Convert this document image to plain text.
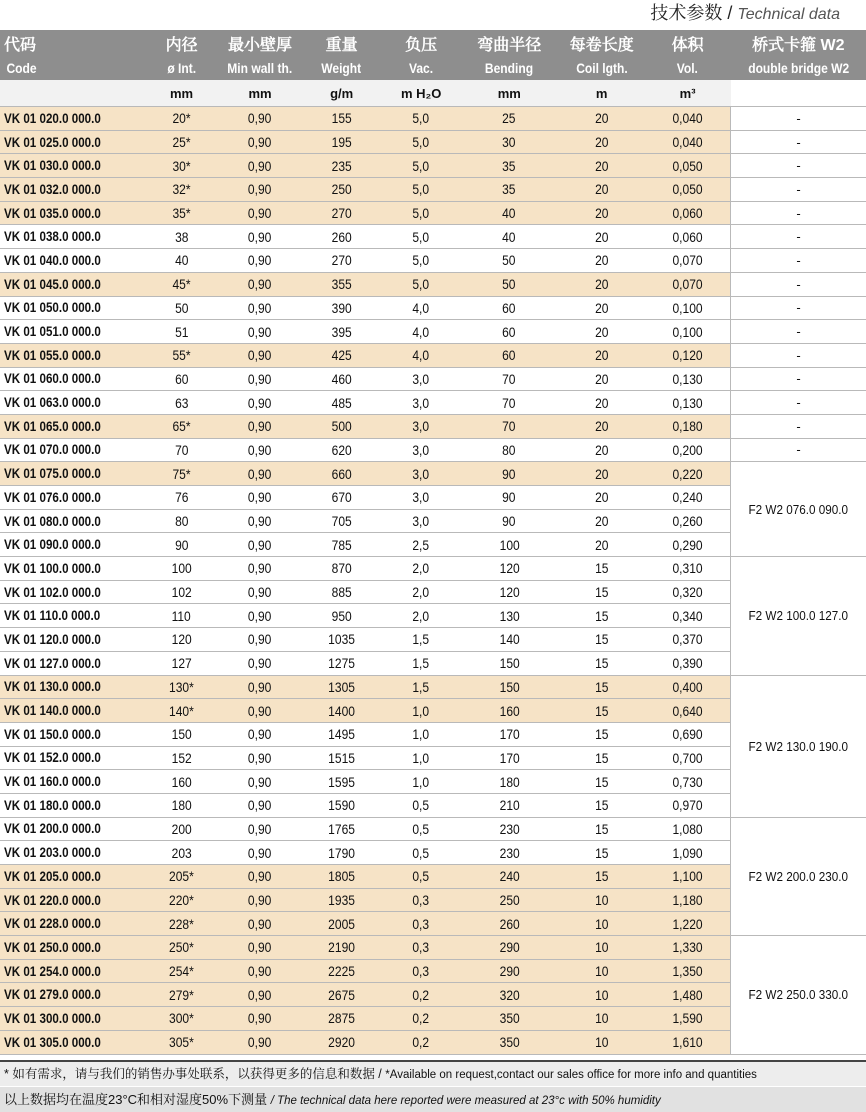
技术参数 / Technical data
代码	内径	最小壁厚	重量	负压	弯曲半径	每卷长度	体积	桥式卡箍 W2
Code	ø Int.	Min wall th.	Weight	Vac.	Bending	Coil lgth.	Vol.	double bridge W2
	mm	mm	g/m	m H₂O	mm	m	m³	
VK 01 020.0 000.0	20*	0,90	155	5,0	25	20	0,040	-
VK 01 025.0 000.0	25*	0,90	195	5,0	30	20	0,040	-
VK 01 030.0 000.0	30*	0,90	235	5,0	35	20	0,050	-
VK 01 032.0 000.0	32*	0,90	250	5,0	35	20	0,050	-
VK 01 035.0 000.0	35*	0,90	270	5,0	40	20	0,060	-
VK 01 038.0 000.0	38	0,90	260	5,0	40	20	0,060	-
VK 01 040.0 000.0	40	0,90	270	5,0	50	20	0,070	-
VK 01 045.0 000.0	45*	0,90	355	5,0	50	20	0,070	-
VK 01 050.0 000.0	50	0,90	390	4,0	60	20	0,100	-
VK 01 051.0 000.0	51	0,90	395	4,0	60	20	0,100	-
VK 01 055.0 000.0	55*	0,90	425	4,0	60	20	0,120	-
VK 01 060.0 000.0	60	0,90	460	3,0	70	20	0,130	-
VK 01 063.0 000.0	63	0,90	485	3,0	70	20	0,130	-
VK 01 065.0 000.0	65*	0,90	500	3,0	70	20	0,180	-
VK 01 070.0 000.0	70	0,90	620	3,0	80	20	0,200	-
VK 01 075.0 000.0	75*	0,90	660	3,0	90	20	0,220	F2 W2 076.0 090.0
VK 01 076.0 000.0	76	0,90	670	3,0	90	20	0,240	
VK 01 080.0 000.0	80	0,90	705	3,0	90	20	0,260	
VK 01 090.0 000.0	90	0,90	785	2,5	100	20	0,290	
VK 01 100.0 000.0	100	0,90	870	2,0	120	15	0,310	F2 W2 100.0 127.0
VK 01 102.0 000.0	102	0,90	885	2,0	120	15	0,320	
VK 01 110.0 000.0	110	0,90	950	2,0	130	15	0,340	
VK 01 120.0 000.0	120	0,90	1035	1,5	140	15	0,370	
VK 01 127.0 000.0	127	0,90	1275	1,5	150	15	0,390	
VK 01 130.0 000.0	130*	0,90	1305	1,5	150	15	0,400	F2 W2 130.0 190.0
VK 01 140.0 000.0	140*	0,90	1400	1,0	160	15	0,640	
VK 01 150.0 000.0	150	0,90	1495	1,0	170	15	0,690	
VK 01 152.0 000.0	152	0,90	1515	1,0	170	15	0,700	
VK 01 160.0 000.0	160	0,90	1595	1,0	180	15	0,730	
VK 01 180.0 000.0	180	0,90	1590	0,5	210	15	0,970	
VK 01 200.0 000.0	200	0,90	1765	0,5	230	15	1,080	F2 W2 200.0 230.0
VK 01 203.0 000.0	203	0,90	1790	0,5	230	15	1,090	
VK 01 205.0 000.0	205*	0,90	1805	0,5	240	15	1,100	
VK 01 220.0 000.0	220*	0,90	1935	0,3	250	10	1,180	
VK 01 228.0 000.0	228*	0,90	2005	0,3	260	10	1,220	
VK 01 250.0 000.0	250*	0,90	2190	0,3	290	10	1,330	F2 W2 250.0 330.0
VK 01 254.0 000.0	254*	0,90	2225	0,3	290	10	1,350	
VK 01 279.0 000.0	279*	0,90	2675	0,2	320	10	1,480	
VK 01 300.0 000.0	300*	0,90	2875	0,2	350	10	1,590	
VK 01 305.0 000.0	305*	0,90	2920	0,2	350	10	1,610	
* 如有需求，请与我们的销售办事处联系，以获得更多的信息和数据 / *Available on request,contact our sales office for more info and quantities
以上数据均在温度23°C和相对湿度50%下测量 / The technical data here reported were measured at 23°c with 50% humidity
